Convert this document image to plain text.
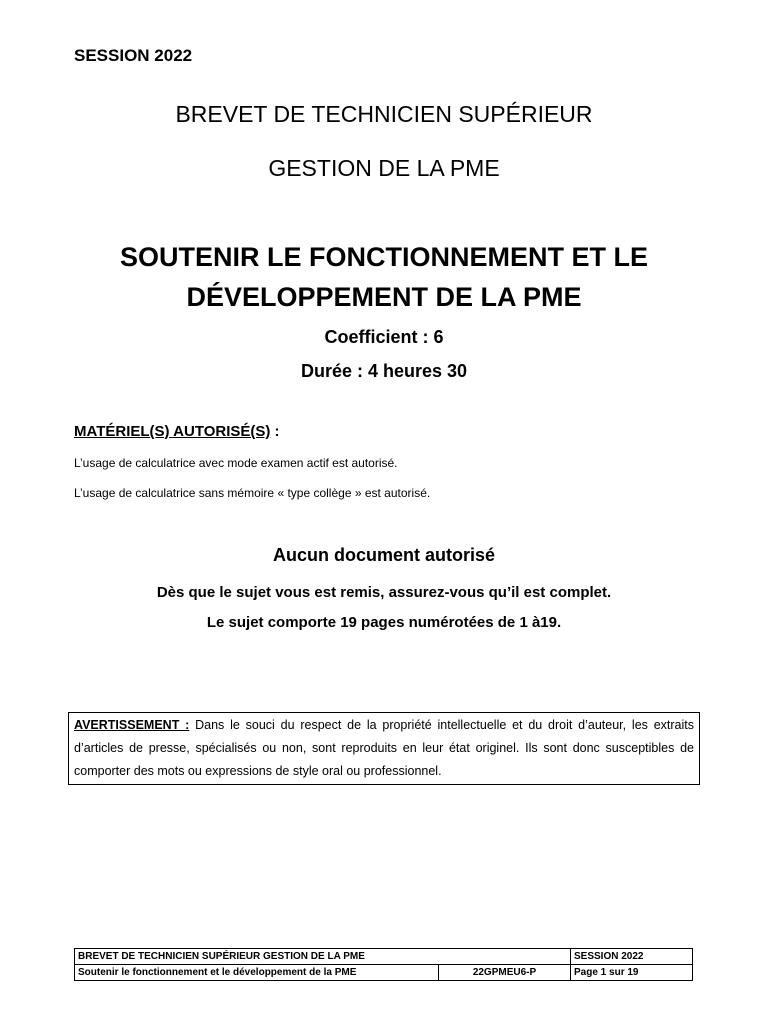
SESSION 2022
BREVET DE TECHNICIEN SUPÉRIEUR
GESTION DE LA PME
SOUTENIR LE FONCTIONNEMENT ET LE
DÉVELOPPEMENT DE LA PME
Coefficient : 6
Durée : 4 heures 30
MATÉRIEL(S) AUTORISÉ(S) :
L’usage de calculatrice avec mode examen actif est autorisé.
L’usage de calculatrice sans mémoire « type collège » est autorisé.
Aucun document autorisé
Dès que le sujet vous est remis, assurez-vous qu’il est complet.
Le sujet comporte 19 pages numérotées de 1 à19.
AVERTISSEMENT : Dans le souci du respect de la propriété intellectuelle et du droit d’auteur, les extraits d’articles de presse, spécialisés ou non, sont reproduits en leur état originel. Ils sont donc susceptibles de comporter des mots ou expressions de style oral ou professionnel.
BREVET DE TECHNICIEN SUPÉRIEUR GESTION DE LA PME		SESSION 2022
Soutenir le fonctionnement et le développement de la PME	22GPMEU6-P	Page 1 sur 19
